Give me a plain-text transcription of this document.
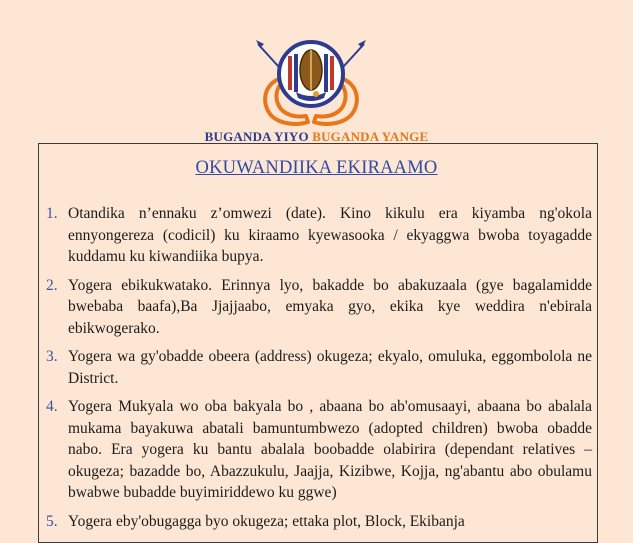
BUGANDA YIYO BUGANDA YANGE
OKUWANDIIKA EKIRAAMO
1. Otandika n’ennaku z’omwezi (date). Kino kikulu era kiyamba ng'okola ennyongereza (codicil) ku kiraamo kyewasooka / ekyaggwa bwoba toyagadde kuddamu ku kiwandiika bupya.
2. Yogera ebikukwatako. Erinnya lyo, bakadde bo abakuzaala (gye bagalamidde bwebaba baafa),Ba Jjajjaabo, emyaka gyo, ekika kye weddira n'ebirala ebikwogerako.
3. Yogera wa gy'obadde obeera (address) okugeza; ekyalo, omuluka, eggombolola ne District.
4. Yogera Mukyala wo oba bakyala bo , abaana bo ab'omusaayi, abaana bo abalala mukama bayakuwa abatali bamuntumbwezo (adopted children) bwoba obadde nabo. Era yogera ku bantu abalala boobadde olabirira (dependant relatives – okugeza; bazadde bo, Abazzukulu, Jaajja, Kizibwe, Kojja, ng'abantu abo obulamu bwabwe bubadde buyimiriddewo ku ggwe)
5. Yogera eby'obugagga byo okugeza; ettaka plot, Block, Ekibanja
